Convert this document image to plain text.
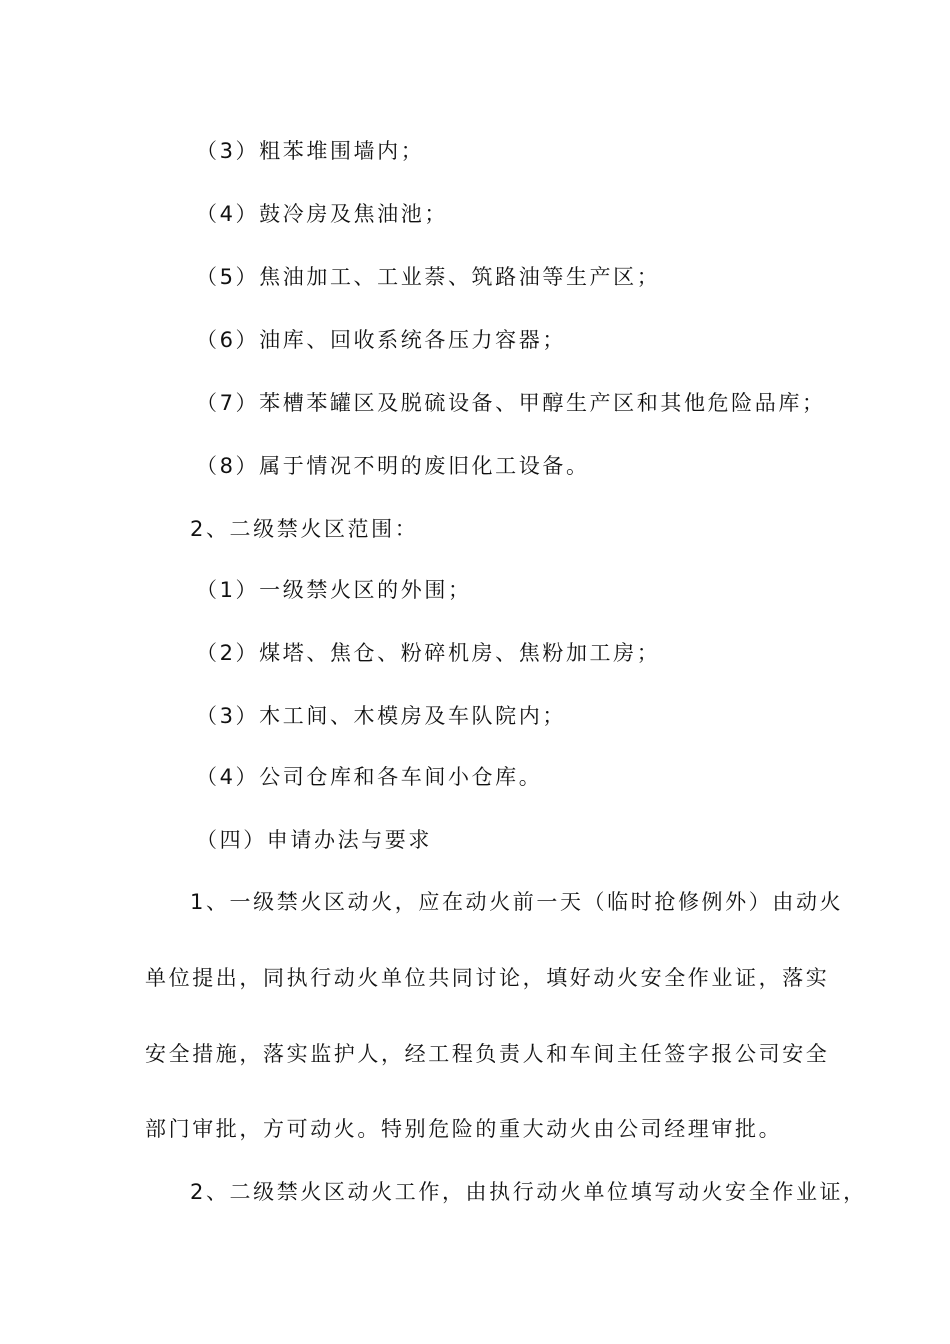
（3）粗苯堆围墙内；

（4）鼓冷房及焦油池；

（5）焦油加工、工业萘、筑路油等生产区；

（6）油库、回收系统各压力容器；

（7）苯槽苯罐区及脱硫设备、甲醇生产区和其他危险品库；

（8）属于情况不明的废旧化工设备。

2、二级禁火区范围：

（1）一级禁火区的外围；

（2）煤塔、焦仓、粉碎机房、焦粉加工房；

（3）木工间、木模房及车队院内；

（4）公司仓库和各车间小仓库。

（四）申请办法与要求

1、一级禁火区动火，应在动火前一天（临时抢修例外）由动火

单位提出，同执行动火单位共同讨论，填好动火安全作业证，落实

安全措施，落实监护人，经工程负责人和车间主任签字报公司安全

部门审批，方可动火。特别危险的重大动火由公司经理审批。

2、二级禁火区动火工作，由执行动火单位填写动火安全作业证，
